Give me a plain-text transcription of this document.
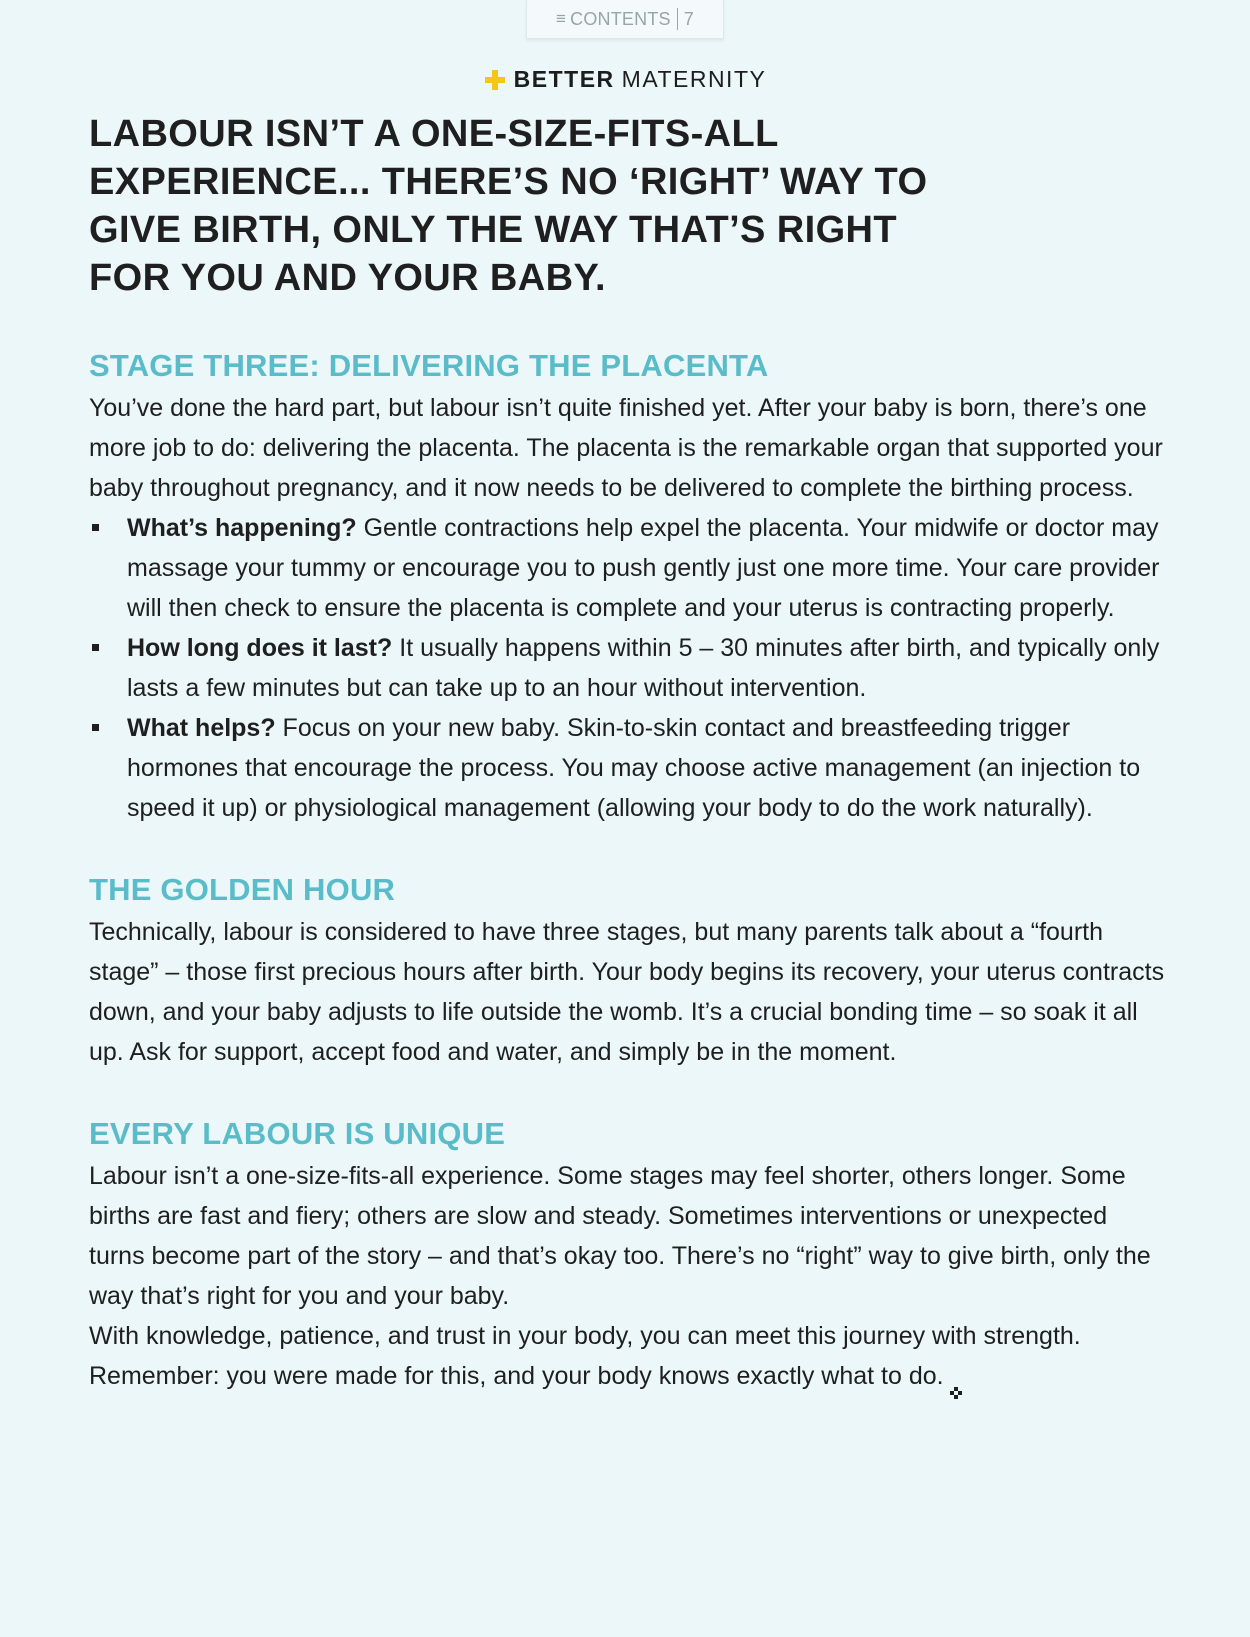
≡ CONTENTS 7
BETTER MATERNITY
LABOUR ISN’T A ONE-SIZE-FITS-ALL EXPERIENCE... THERE’S NO ‘RIGHT’ WAY TO GIVE BIRTH, ONLY THE WAY THAT’S RIGHT FOR YOU AND YOUR BABY.
STAGE THREE: DELIVERING THE PLACENTA

You’ve done the hard part, but labour isn’t quite finished yet. After your baby is born, there’s one more job to do: delivering the placenta. The placenta is the remarkable organ that supported your baby throughout pregnancy, and it now needs to be delivered to complete the birthing process.

What’s happening? Gentle contractions help expel the placenta. Your midwife or doctor may massage your tummy or encourage you to push gently just one more time. Your care provider will then check to ensure the placenta is complete and your uterus is contracting properly.
How long does it last? It usually happens within 5 – 30 minutes after birth, and typically only lasts a few minutes but can take up to an hour without intervention.
What helps? Focus on your new baby. Skin-to-skin contact and breastfeeding trigger hormones that encourage the process. You may choose active management (an injection to speed it up) or physiological management (allowing your body to do the work naturally).
THE GOLDEN HOUR

Technically, labour is considered to have three stages, but many parents talk about a “fourth stage” – those first precious hours after birth. Your body begins its recovery, your uterus contracts down, and your baby adjusts to life outside the womb. It’s a crucial bonding time – so soak it all up. Ask for support, accept food and water, and simply be in the moment.

EVERY LABOUR IS UNIQUE

Labour isn’t a one-size-fits-all experience. Some stages may feel shorter, others longer. Some births are fast and fiery; others are slow and steady. Sometimes interventions or unexpected turns become part of the story – and that’s okay too. There’s no “right” way to give birth, only the way that’s right for you and your baby.

With knowledge, patience, and trust in your body, you can meet this journey with strength. Remember: you were made for this, and your body knows exactly what to do.
